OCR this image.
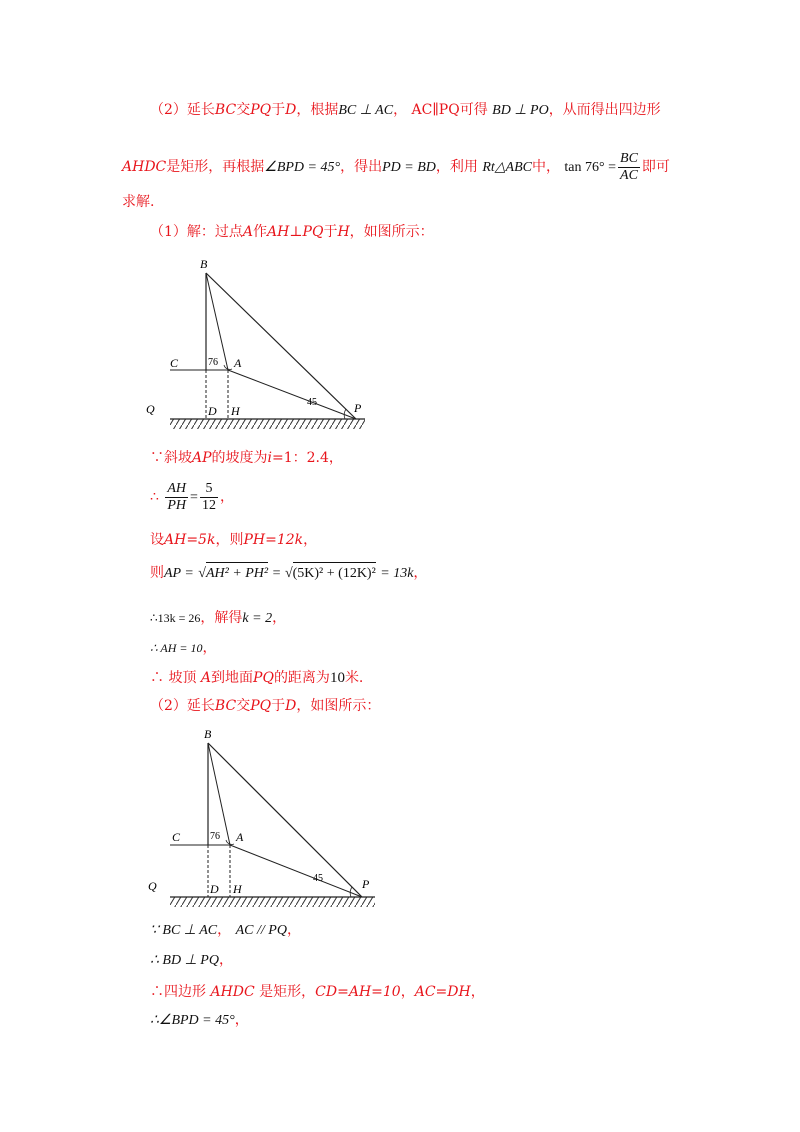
（2）延长BC交PQ于D，根据BC ⊥ AC， AC∥PQ可得 BD ⊥ PO，从而得出四边形
AHDC是矩形，再根据∠BPD = 45°，得出PD = BD，利用 Rt△ABC中， $\tan 76^\circ = \frac{BC}{AC}$ 即可
求解.
（1）解：过点A作AH⊥PQ于H，如图所示：
B
C	A
76
Q	D H
45	P
∵斜坡AP的坡度为i=1：2.4，
∴ $\frac{AH}{PH} = \frac{5}{12}$ ，
设AH=5k，则PH=12k，
则AP = √AH² + PH² = √(5K)² + (12K)² = 13k，
∴13k = 26，解得k = 2，
∴ AH = 10，
∴ 坡顶 A到地面PQ的距离为10米.
（2）延长BC交PQ于D，如图所示：
B
C	A
76
Q	D H
45	P
∵ BC ⊥ AC， AC // PQ，
∴ BD ⊥ PQ，
∴四边形 AHDC 是矩形，CD=AH=10，AC=DH，
∴∠BPD = 45°，
